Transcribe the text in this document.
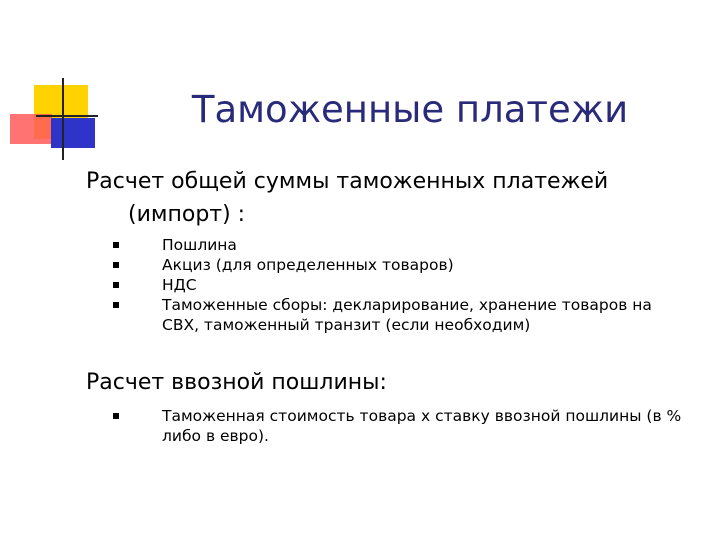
Таможенные платежи
Расчет общей суммы таможенных платежей
(импорт) :
Пошлина
Акциз (для определенных товаров)
НДС
Таможенные сборы: декларирование, хранение товаров на
СВХ, таможенный транзит (если необходим)
Расчет ввозной пошлины:
Таможенная стоимость товара х ставку ввозной пошлины (в %
либо в евро).
